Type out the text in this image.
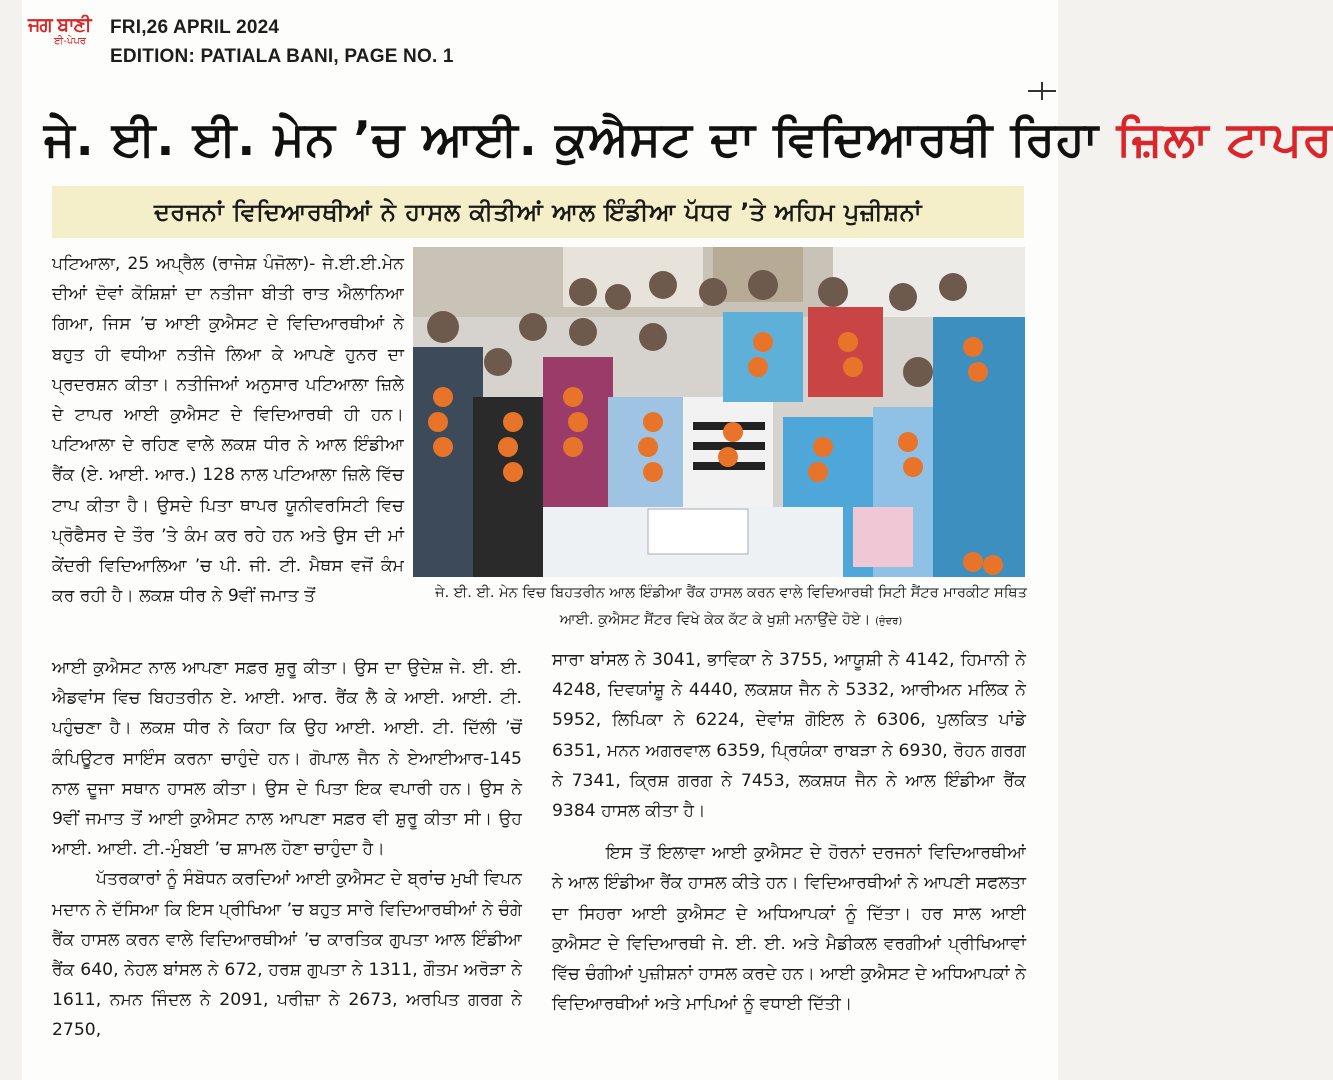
ਜਗ ਬਾਣੀ
ਈ-ਪੇਪਰ
FRI,26 APRIL 2024
EDITION: PATIALA BANI, PAGE NO. 1
ਜੇ. ਈ. ਈ. ਮੇਨ ’ਚ ਆਈ. ਕੁਐਸਟ ਦਾ ਵਿਦਿਆਰਥੀ ਰਿਹਾ ਜ਼ਿਲਾ ਟਾਪਰ
ਦਰਜਨਾਂ ਵਿਦਿਆਰਥੀਆਂ ਨੇ ਹਾਸਲ ਕੀਤੀਆਂ ਆਲ ਇੰਡੀਆ ਪੱਧਰ ’ਤੇ ਅਹਿਮ ਪੁਜ਼ੀਸ਼ਨਾਂ
ਪਟਿਆਲਾ, 25 ਅਪ੍ਰੈਲ (ਰਾਜੇਸ਼ ਪੰਜੋਲਾ)- ਜੇ.ਈ.ਈ.ਮੇਨ ਦੀਆਂ ਦੋਵਾਂ ਕੋਸ਼ਿਸ਼ਾਂ ਦਾ ਨਤੀਜਾ ਬੀਤੀ ਰਾਤ ਐਲਾਨਿਆ ਗਿਆ, ਜਿਸ ’ਚ ਆਈ ਕੁਐਸਟ ਦੇ ਵਿਦਿਆਰਥੀਆਂ ਨੇ ਬਹੁਤ ਹੀ ਵਧੀਆ ਨਤੀਜੇ ਲਿਆ ਕੇ ਆਪਣੇ ਹੁਨਰ ਦਾ ਪ੍ਰਦਰਸ਼ਨ ਕੀਤਾ। ਨਤੀਜਿਆਂ ਅਨੁਸਾਰ ਪਟਿਆਲਾ ਜ਼ਿਲੇ ਦੇ ਟਾਪਰ ਆਈ ਕੁਐਸਟ ਦੇ ਵਿਦਿਆਰਥੀ ਹੀ ਹਨ। ਪਟਿਆਲਾ ਦੇ ਰਹਿਣ ਵਾਲੇ ਲਕਸ਼ ਧੀਰ ਨੇ ਆਲ ਇੰਡੀਆ ਰੈਂਕ (ਏ. ਆਈ. ਆਰ.) 128 ਨਾਲ ਪਟਿਆਲਾ ਜ਼ਿਲੇ ਵਿੱਚ ਟਾਪ ਕੀਤਾ ਹੈ। ਉਸਦੇ ਪਿਤਾ ਥਾਪਰ ਯੂਨੀਵਰਸਿਟੀ ਵਿਚ ਪ੍ਰੋਫੈਸਰ ਦੇ ਤੌਰ ’ਤੇ ਕੰਮ ਕਰ ਰਹੇ ਹਨ ਅਤੇ ਉਸ ਦੀ ਮਾਂ ਕੇਂਦਰੀ ਵਿਦਿਆਲਿਆ ’ਚ ਪੀ. ਜੀ. ਟੀ. ਮੈਥਸ ਵਜੋਂ ਕੰਮ ਕਰ ਰਹੀ ਹੈ। ਲਕਸ਼ ਧੀਰ ਨੇ 9ਵੀਂ ਜਮਾਤ ਤੋਂ	ਜੇ. ਈ. ਈ. ਮੇਨ ਵਿਚ ਬਿਹਤਰੀਨ ਆਲ ਇੰਡੀਆ ਰੈਂਕ ਹਾਸਲ ਕਰਨ ਵਾਲੇ ਵਿਦਿਆਰਥੀ ਸਿਟੀ ਸੈਂਟਰ ਮਾਰਕੀਟ ਸਥਿਤ ਆਈ. ਕੁਐਸਟ ਸੈਂਟਰ ਵਿਖੇ ਕੇਕ ਕੱਟ ਕੇ ਖੁਸ਼ੀ ਮਨਾਉਂਦੇ ਹੋਏ। (ਜੁੰਦਰ)

ਆਈ ਕੁਐਸਟ ਨਾਲ ਆਪਣਾ ਸਫ਼ਰ ਸ਼ੁਰੂ ਕੀਤਾ। ਉਸ ਦਾ ਉਦੇਸ਼ ਜੇ. ਈ. ਈ. ਐਡਵਾਂਸ ਵਿਚ ਬਿਹਤਰੀਨ ਏ. ਆਈ. ਆਰ. ਰੈਂਕ ਲੈ ਕੇ ਆਈ. ਆਈ. ਟੀ. ਪਹੁੰਚਣਾ ਹੈ। ਲਕਸ਼ ਧੀਰ ਨੇ ਕਿਹਾ ਕਿ ਉਹ ਆਈ. ਆਈ. ਟੀ. ਦਿੱਲੀ ’ਚੋਂ ਕੰਪਿਊਟਰ ਸਾਇੰਸ ਕਰਨਾ ਚਾਹੁੰਦੇ ਹਨ। ਗੋਪਾਲ ਜੈਨ ਨੇ ਏਆਈਆਰ-145 ਨਾਲ ਦੂਜਾ ਸਥਾਨ ਹਾਸਲ ਕੀਤਾ। ਉਸ ਦੇ ਪਿਤਾ ਇਕ ਵਪਾਰੀ ਹਨ। ਉਸ ਨੇ 9ਵੀਂ ਜਮਾਤ ਤੋਂ ਆਈ ਕੁਐਸਟ ਨਾਲ ਆਪਣਾ ਸਫ਼ਰ ਵੀ ਸ਼ੁਰੂ ਕੀਤਾ ਸੀ। ਉਹ ਆਈ. ਆਈ. ਟੀ.-ਮੁੰਬਈ ’ਚ ਸ਼ਾਮਲ ਹੋਣਾ ਚਾਹੁੰਦਾ ਹੈ।

ਪੱਤਰਕਾਰਾਂ ਨੂੰ ਸੰਬੋਧਨ ਕਰਦਿਆਂ ਆਈ ਕੁਐਸਟ ਦੇ ਬ੍ਰਾਂਚ ਮੁਖੀ ਵਿਪਨ ਮਦਾਨ ਨੇ ਦੱਸਿਆ ਕਿ ਇਸ ਪ੍ਰੀਖਿਆ ’ਚ ਬਹੁਤ ਸਾਰੇ ਵਿਦਿਆਰਥੀਆਂ ਨੇ ਚੰਗੇ ਰੈਂਕ ਹਾਸਲ ਕਰਨ ਵਾਲੇ ਵਿਦਿਆਰਥੀਆਂ ’ਚ ਕਾਰਤਿਕ ਗੁਪਤਾ ਆਲ ਇੰਡੀਆ ਰੈਂਕ 640, ਨੇਹਲ ਬਾਂਸਲ ਨੇ 672, ਹਰਸ਼ ਗੁਪਤਾ ਨੇ 1311, ਗੌਤਮ ਅਰੋੜਾ ਨੇ 1611, ਨਮਨ ਜਿੰਦਲ ਨੇ 2091, ਪਰੀਜ਼ਾ ਨੇ 2673, ਅਰਪਿਤ ਗਰਗ ਨੇ 2750,

ਸਾਰਾ ਬਾਂਸਲ ਨੇ 3041, ਭਾਵਿਕਾ ਨੇ 3755, ਆਯੂਸ਼ੀ ਨੇ 4142, ਹਿਮਾਨੀ ਨੇ 4248, ਦਿਵਯਾਂਸ਼ੂ ਨੇ 4440, ਲਕਸ਼ਯ ਜੈਨ ਨੇ 5332, ਆਰੀਅਨ ਮਲਿਕ ਨੇ 5952, ਲਿਪਿਕਾ ਨੇ 6224, ਦੇਵਾਂਸ਼ ਗੋਇਲ ਨੇ 6306, ਪੁਲਕਿਤ ਪਾਂਡੇ 6351, ਮਨਨ ਅਗਰਵਾਲ 6359, ਪ੍ਰਿਯੰਕਾ ਰਾਬੜਾ ਨੇ 6930, ਰੋਹਨ ਗਰਗ ਨੇ 7341, ਕ੍ਰਿਸ਼ ਗਰਗ ਨੇ 7453, ਲਕਸ਼ਯ ਜੈਨ ਨੇ ਆਲ ਇੰਡੀਆ ਰੈਂਕ 9384 ਹਾਸਲ ਕੀਤਾ ਹੈ।

ਇਸ ਤੋਂ ਇਲਾਵਾ ਆਈ ਕੁਐਸਟ ਦੇ ਹੋਰਨਾਂ ਦਰਜਨਾਂ ਵਿਦਿਆਰਥੀਆਂ ਨੇ ਆਲ ਇੰਡੀਆ ਰੈਂਕ ਹਾਸਲ ਕੀਤੇ ਹਨ। ਵਿਦਿਆਰਥੀਆਂ ਨੇ ਆਪਣੀ ਸਫਲਤਾ ਦਾ ਸਿਹਰਾ ਆਈ ਕੁਐਸਟ ਦੇ ਅਧਿਆਪਕਾਂ ਨੂੰ ਦਿੱਤਾ। ਹਰ ਸਾਲ ਆਈ ਕੁਐਸਟ ਦੇ ਵਿਦਿਆਰਥੀ ਜੇ. ਈ. ਈ. ਅਤੇ ਮੈਡੀਕਲ ਵਰਗੀਆਂ ਪ੍ਰੀਖਿਆਵਾਂ ਵਿੱਚ ਚੰਗੀਆਂ ਪੁਜ਼ੀਸ਼ਨਾਂ ਹਾਸਲ ਕਰਦੇ ਹਨ। ਆਈ ਕੁਐਸਟ ਦੇ ਅਧਿਆਪਕਾਂ ਨੇ ਵਿਦਿਆਰਥੀਆਂ ਅਤੇ ਮਾਪਿਆਂ ਨੂੰ ਵਧਾਈ ਦਿੱਤੀ।
